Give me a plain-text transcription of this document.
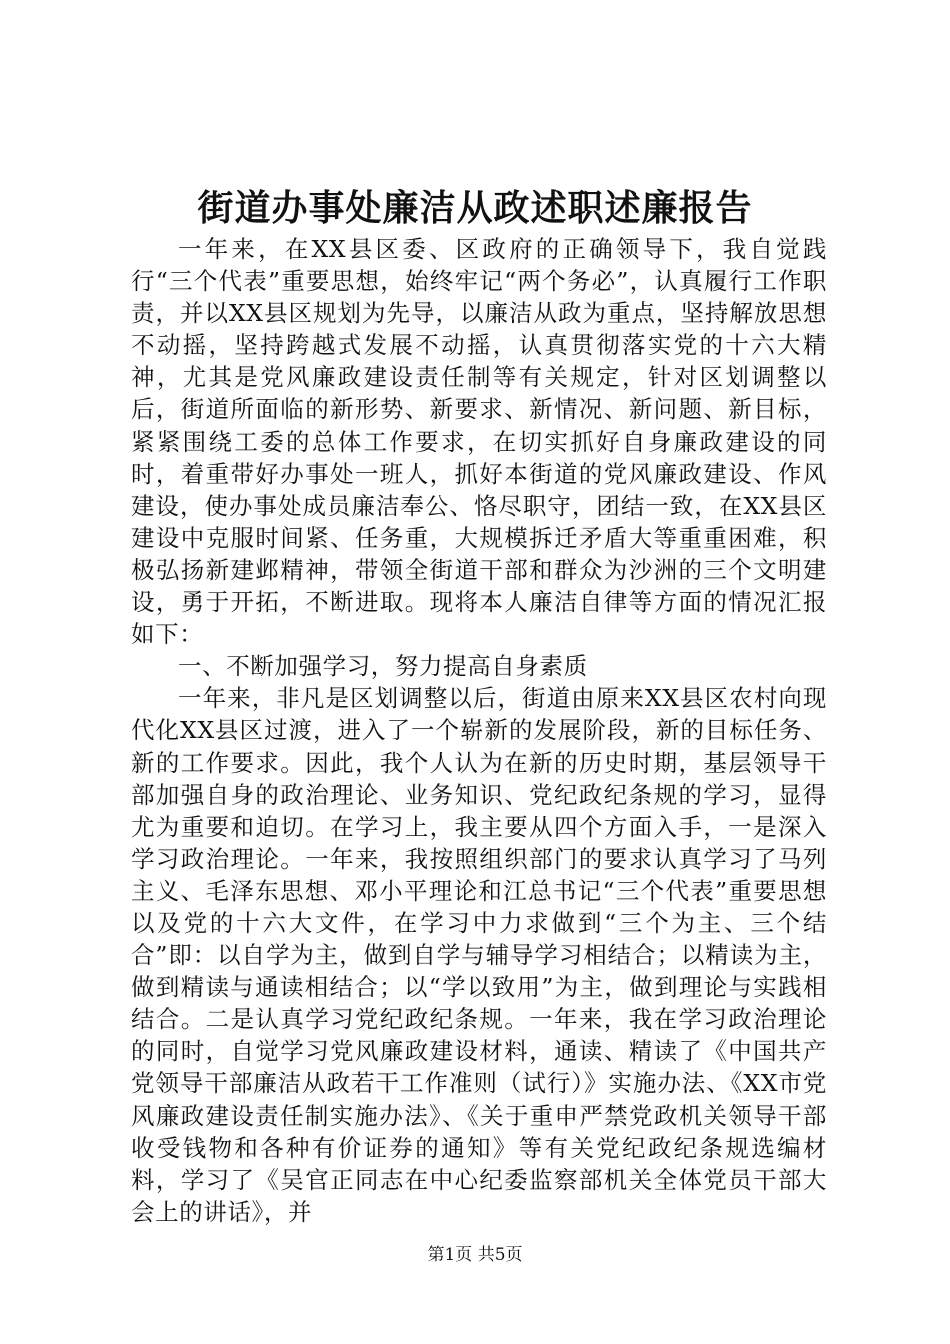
街道办事处廉洁从政述职述廉报告

一年来，在XX县区委、区政府的正确领导下，我自觉践行“三个代表”重要思想，始终牢记“两个务必”，认真履行工作职责，并以XX县区规划为先导，以廉洁从政为重点，坚持解放思想不动摇，坚持跨越式发展不动摇，认真贯彻落实党的十六大精神，尤其是党风廉政建设责任制等有关规定，针对区划调整以后，街道所面临的新形势、新要求、新情况、新问题、新目标，紧紧围绕工委的总体工作要求，在切实抓好自身廉政建设的同时，着重带好办事处一班人，抓好本街道的党风廉政建设、作风建设，使办事处成员廉洁奉公、恪尽职守，团结一致，在XX县区建设中克服时间紧、任务重，大规模拆迁矛盾大等重重困难，积极弘扬新建邺精神，带领全街道干部和群众为沙洲的三个文明建设，勇于开拓，不断进取。现将本人廉洁自律等方面的情况汇报如下：

一、不断加强学习，努力提高自身素质

一年来，非凡是区划调整以后，街道由原来XX县区农村向现代化XX县区过渡，进入了一个崭新的发展阶段，新的目标任务、新的工作要求。因此，我个人认为在新的历史时期，基层领导干部加强自身的政治理论、业务知识、党纪政纪条规的学习，显得尤为重要和迫切。在学习上，我主要从四个方面入手，一是深入学习政治理论。一年来，我按照组织部门的要求认真学习了马列主义、毛泽东思想、邓小平理论和江总书记“三个代表”重要思想以及党的十六大文件，在学习中力求做到“三个为主、三个结合”即：以自学为主，做到自学与辅导学习相结合；以精读为主，做到精读与通读相结合；以“学以致用”为主，做到理论与实践相结合。二是认真学习党纪政纪条规。一年来，我在学习政治理论的同时，自觉学习党风廉政建设材料，通读、精读了《中国共产党领导干部廉洁从政若干工作准则（试行）》实施办法、《XX市党风廉政建设责任制实施办法》、《关于重申严禁党政机关领导干部收受钱物和各种有价证券的通知》等有关党纪政纪条规选编材料，学习了《吴官正同志在中心纪委监察部机关全体党员干部大会上的讲话》，并

第1页 共5页
